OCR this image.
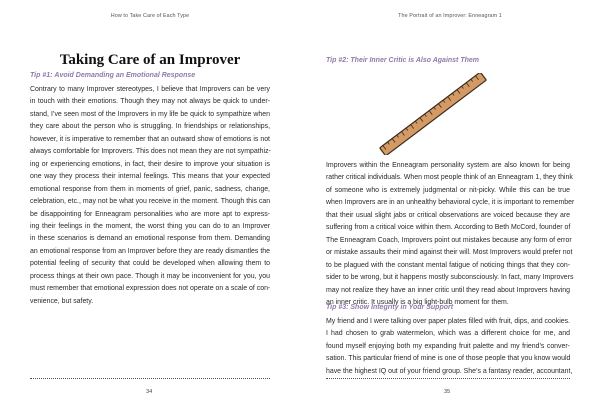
How to Take Care of Each Type
Taking Care of an Improver

Tip #1: Avoid Demanding an Emotional Response

Contrary to many Improver stereotypes, I believe that Improvers can be very
in touch with their emotions. Though they may not always be quick to under-
stand, I’ve seen most of the Improvers in my life be quick to sympathize when
they care about the person who is struggling. In friendships or relationships,
however, it is imperative to remember that an outward show of emotions is not
always comfortable for Improvers. This does not mean they are not sympathiz-
ing or experiencing emotions, in fact, their desire to improve your situation is
one way they process their internal feelings. This means that your expected
emotional response from them in moments of grief, panic, sadness, change,
celebration, etc., may not be what you receive in the moment. Though this can
be disappointing for Enneagram personalities who are more apt to express-
ing their feelings in the moment, the worst thing you can do to an Improver
in these scenarios is demand an emotional response from them. Demanding
an emotional response from an Improver before they are ready dismantles the
potential feeling of security that could be developed when allowing them to
process things at their own pace. Though it may be inconvenient for you, you
must remember that emotional expression does not operate on a scale of con-
venience, but safety.
34
The Portrait of an Improver: Enneagram 1

Tip #2: Their Inner Critic is Also Against Them

Improvers within the Enneagram personality system are also known for being
rather critical individuals. When most people think of an Enneagram 1, they think
of someone who is extremely judgmental or nit-picky. While this can be true
when Improvers are in an unhealthy behavioral cycle, it is important to remember
that their usual slight jabs or critical observations are voiced because they are
suffering from a critical voice within them. According to Beth McCord, founder of
The Enneagram Coach, Improvers point out mistakes because any form of error
or mistake assaults their mind against their will. Most Improvers would prefer not
to be plagued with the constant mental fatigue of noticing things that they con-
sider to be wrong, but it happens mostly subconsciously. In fact, many Improvers
may not realize they have an inner critic until they read about Improvers having
an inner critic. It usually is a big light-bulb moment for them.

Tip #3: Show Integrity in Your Support

My friend and I were talking over paper plates filled with fruit, dips, and cookies.
I had chosen to grab watermelon, which was a different choice for me, and
found myself enjoying both my expanding fruit palette and my friend’s conver-
sation. This particular friend of mine is one of those people that you know would
have the highest IQ out of your friend group. She’s a fantasy reader, accountant,
35
